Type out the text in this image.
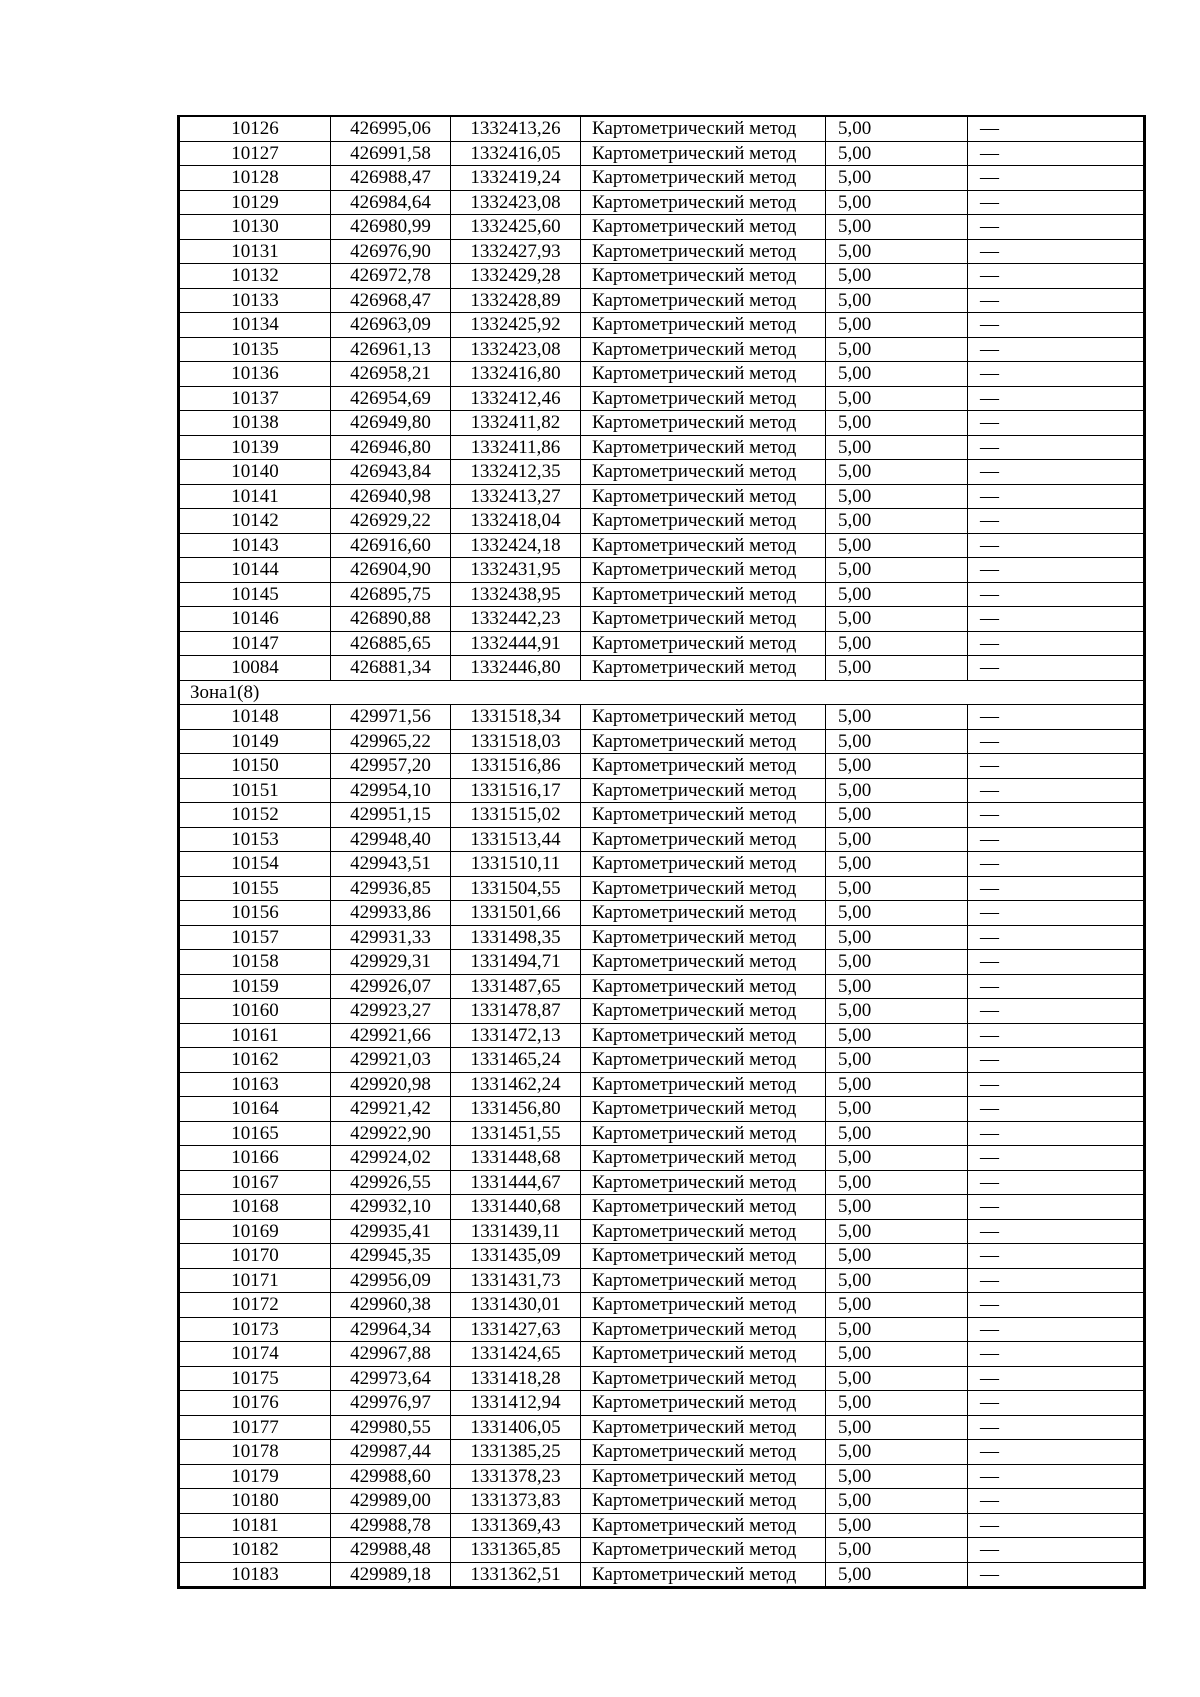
10126	426995,06	1332413,26	Картометрический метод	5,00	—
10127	426991,58	1332416,05	Картометрический метод	5,00	—
10128	426988,47	1332419,24	Картометрический метод	5,00	—
10129	426984,64	1332423,08	Картометрический метод	5,00	—
10130	426980,99	1332425,60	Картометрический метод	5,00	—
10131	426976,90	1332427,93	Картометрический метод	5,00	—
10132	426972,78	1332429,28	Картометрический метод	5,00	—
10133	426968,47	1332428,89	Картометрический метод	5,00	—
10134	426963,09	1332425,92	Картометрический метод	5,00	—
10135	426961,13	1332423,08	Картометрический метод	5,00	—
10136	426958,21	1332416,80	Картометрический метод	5,00	—
10137	426954,69	1332412,46	Картометрический метод	5,00	—
10138	426949,80	1332411,82	Картометрический метод	5,00	—
10139	426946,80	1332411,86	Картометрический метод	5,00	—
10140	426943,84	1332412,35	Картометрический метод	5,00	—
10141	426940,98	1332413,27	Картометрический метод	5,00	—
10142	426929,22	1332418,04	Картометрический метод	5,00	—
10143	426916,60	1332424,18	Картометрический метод	5,00	—
10144	426904,90	1332431,95	Картометрический метод	5,00	—
10145	426895,75	1332438,95	Картометрический метод	5,00	—
10146	426890,88	1332442,23	Картометрический метод	5,00	—
10147	426885,65	1332444,91	Картометрический метод	5,00	—
10084	426881,34	1332446,80	Картометрический метод	5,00	—
Зона1(8)					
10148	429971,56	1331518,34	Картометрический метод	5,00	—
10149	429965,22	1331518,03	Картометрический метод	5,00	—
10150	429957,20	1331516,86	Картометрический метод	5,00	—
10151	429954,10	1331516,17	Картометрический метод	5,00	—
10152	429951,15	1331515,02	Картометрический метод	5,00	—
10153	429948,40	1331513,44	Картометрический метод	5,00	—
10154	429943,51	1331510,11	Картометрический метод	5,00	—
10155	429936,85	1331504,55	Картометрический метод	5,00	—
10156	429933,86	1331501,66	Картометрический метод	5,00	—
10157	429931,33	1331498,35	Картометрический метод	5,00	—
10158	429929,31	1331494,71	Картометрический метод	5,00	—
10159	429926,07	1331487,65	Картометрический метод	5,00	—
10160	429923,27	1331478,87	Картометрический метод	5,00	—
10161	429921,66	1331472,13	Картометрический метод	5,00	—
10162	429921,03	1331465,24	Картометрический метод	5,00	—
10163	429920,98	1331462,24	Картометрический метод	5,00	—
10164	429921,42	1331456,80	Картометрический метод	5,00	—
10165	429922,90	1331451,55	Картометрический метод	5,00	—
10166	429924,02	1331448,68	Картометрический метод	5,00	—
10167	429926,55	1331444,67	Картометрический метод	5,00	—
10168	429932,10	1331440,68	Картометрический метод	5,00	—
10169	429935,41	1331439,11	Картометрический метод	5,00	—
10170	429945,35	1331435,09	Картометрический метод	5,00	—
10171	429956,09	1331431,73	Картометрический метод	5,00	—
10172	429960,38	1331430,01	Картометрический метод	5,00	—
10173	429964,34	1331427,63	Картометрический метод	5,00	—
10174	429967,88	1331424,65	Картометрический метод	5,00	—
10175	429973,64	1331418,28	Картометрический метод	5,00	—
10176	429976,97	1331412,94	Картометрический метод	5,00	—
10177	429980,55	1331406,05	Картометрический метод	5,00	—
10178	429987,44	1331385,25	Картометрический метод	5,00	—
10179	429988,60	1331378,23	Картометрический метод	5,00	—
10180	429989,00	1331373,83	Картометрический метод	5,00	—
10181	429988,78	1331369,43	Картометрический метод	5,00	—
10182	429988,48	1331365,85	Картометрический метод	5,00	—
10183	429989,18	1331362,51	Картометрический метод	5,00	—
